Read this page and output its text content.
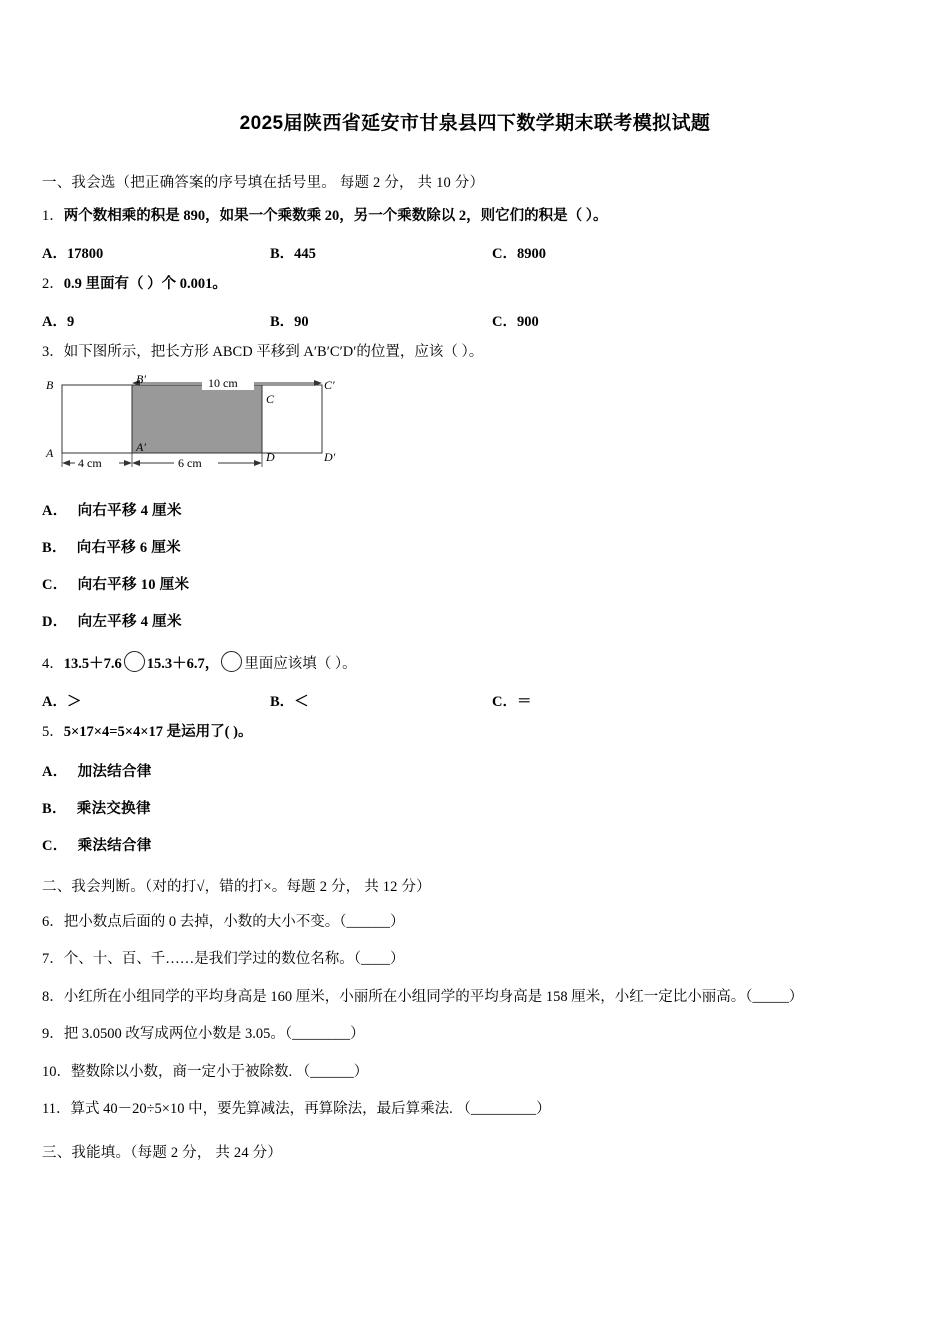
2025届陕西省延安市甘泉县四下数学期末联考模拟试题
一、我会选（把正确答案的序号填在括号里。 每题 2 分， 共 10 分）
1．两个数相乘的积是 890，如果一个乘数乘 20，另一个乘数除以 2，则它们的积是（ ）。
A．17800	B．445	C．8900
2．0.9 里面有（ ）个 0.001。
A．9	B．90	C．900
3．如下图所示，把长方形 ABCD 平移到 A′B′C′D′的位置，应该（ ）。
10 cm
4 cm	6 cm
B	B′
C
C′
A	A′
D	D′
A． 向右平移 4 厘米
B． 向右平移 6 厘米
C． 向右平移 10 厘米
D． 向左平移 4 厘米
4．13.5＋7.6 15.3＋6.7， 里面应该填（ ）。
A．＞	B．＜	C．＝
5．5×17×4=5×4×17 是运用了( )。
A． 加法结合律
B． 乘法交换律
C． 乘法结合律
二、我会判断。（对的打√，错的打×。每题 2 分， 共 12 分）
6．把小数点后面的 0 去掉，小数的大小不变。（______）
7．个、十、百、千……是我们学过的数位名称。（____）
8．小红所在小组同学的平均身高是 160 厘米，小丽所在小组同学的平均身高是 158 厘米，小红一定比小丽高。（_____）
9．把 3.0500 改写成两位小数是 3.05。（________）
10．整数除以小数，商一定小于被除数. （______）
11．算式 40－20÷5×10 中，要先算减法，再算除法，最后算乘法. （_________）
三、我能填。（每题 2 分， 共 24 分）
